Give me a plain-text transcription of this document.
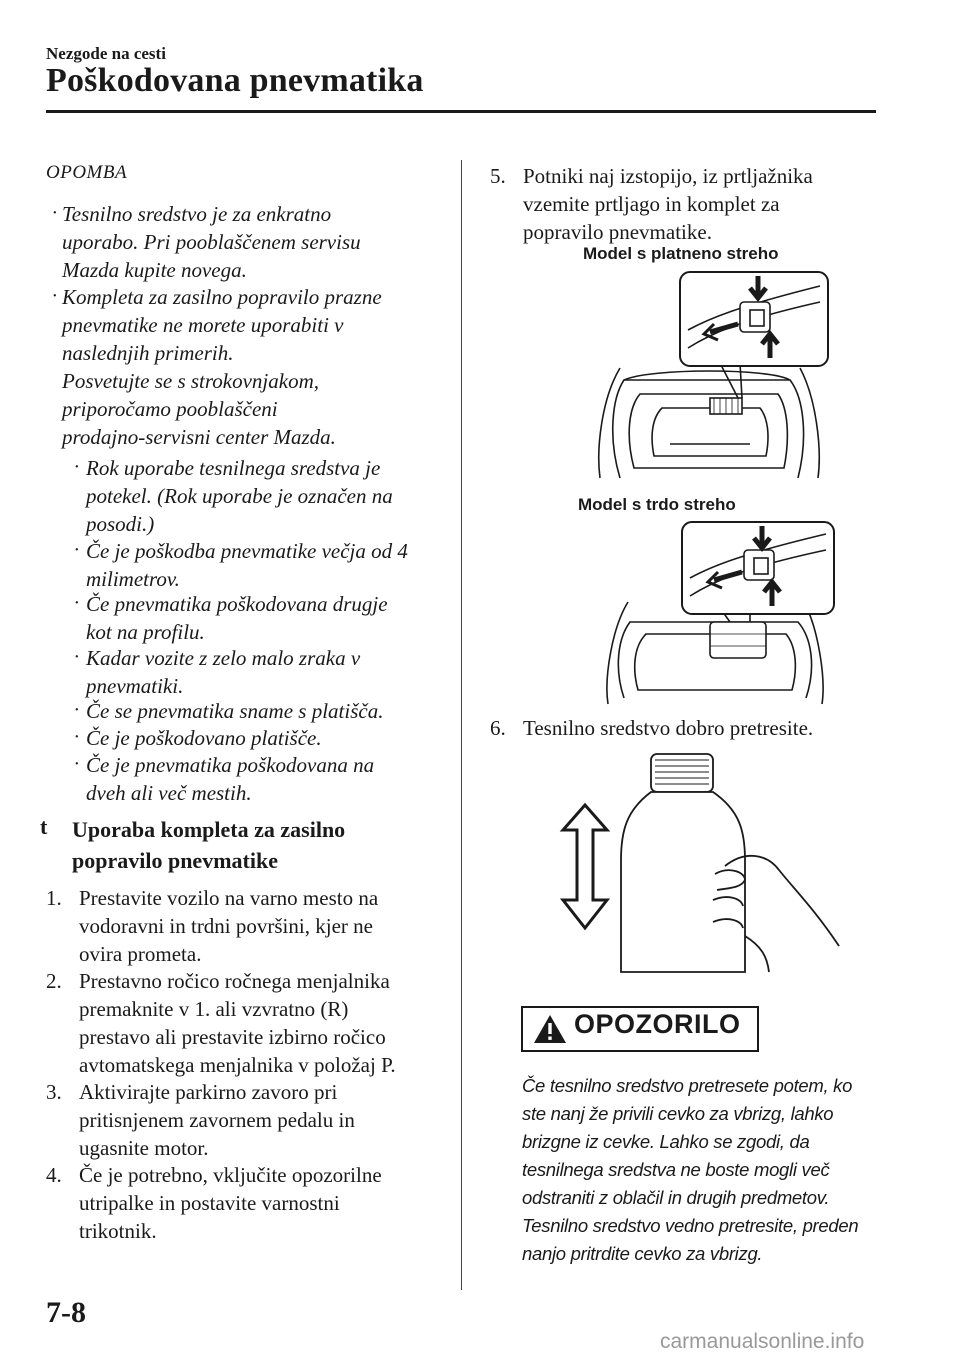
Nezgode na cesti
Poškodovana pnevmatika
OPOMBA
· Tesnilno sredstvo je za enkratno
uporabo. Pri pooblaščenem servisu
Mazda kupite novega.
· Kompleta za zasilno popravilo prazne
pnevmatike ne morete uporabiti v
naslednjih primerih.
Posvetujte se s strokovnjakom,
priporočamo pooblaščeni
prodajno-servisni center Mazda.
· Rok uporabe tesnilnega sredstva je
potekel. (Rok uporabe je označen na
posodi.)
· Če je poškodba pnevmatike večja od 4
milimetrov.
· Če pnevmatika poškodovana drugje
kot na profilu.
· Kadar vozite z zelo malo zraka v
pnevmatiki.
· Če se pnevmatika sname s platišča.
· Če je poškodovano platišče.
· Če je pnevmatika poškodovana na
dveh ali več mestih.
t Uporaba kompleta za zasilno
popravilo pnevmatike
1. Prestavite vozilo na varno mesto na
vodoravni in trdni površini, kjer ne
ovira prometa.
2. Prestavno ročico ročnega menjalnika
premaknite v 1. ali vzvratno (R)
prestavo ali prestavite izbirno ročico
avtomatskega menjalnika v položaj P.
3. Aktivirajte parkirno zavoro pri
pritisnjenem zavornem pedalu in
ugasnite motor.
4. Če je potrebno, vključite opozorilne
utripalke in postavite varnostni
trikotnik.
5. Potniki naj izstopijo, iz prtljažnika
vzemite prtljago in komplet za
popravilo pnevmatike.
Model s platneno streho
Model s trdo streho
6. Tesnilno sredstvo dobro pretresite.
OPOZORILO
Če tesnilno sredstvo pretresete potem, ko
ste nanj že privili cevko za vbrizg, lahko
brizgne iz cevke. Lahko se zgodi, da
tesnilnega sredstva ne boste mogli več
odstraniti z oblačil in drugih predmetov.
Tesnilno sredstvo vedno pretresite, preden
nanjo pritrdite cevko za vbrizg.
7-8
carmanualsonline.info
